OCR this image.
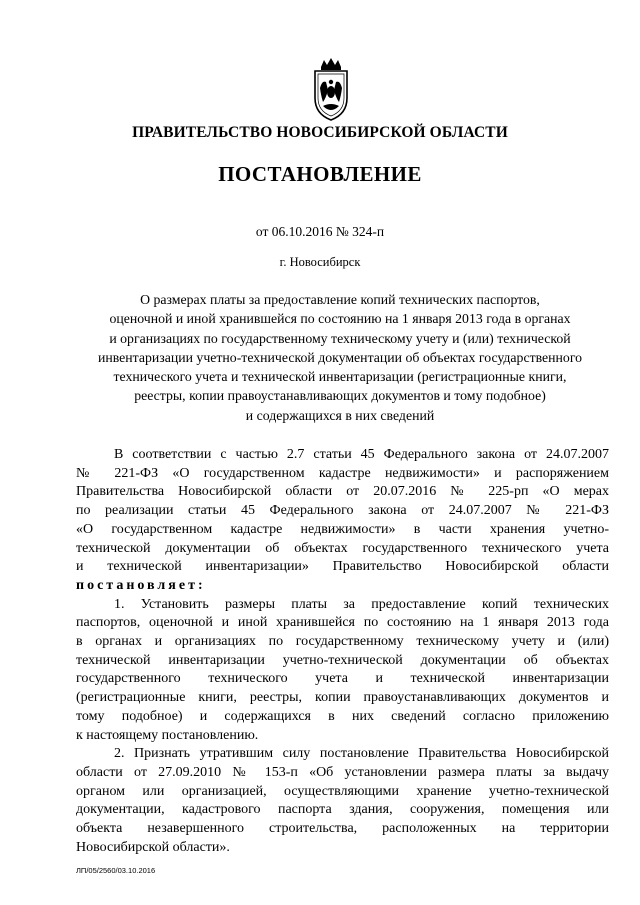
ПРАВИТЕЛЬСТВО НОВОСИБИРСКОЙ ОБЛАСТИ
ПОСТАНОВЛЕНИЕ
от 06.10.2016 № 324-п
г. Новосибирск
О размерах платы за предоставление копий технических паспортов,
оценочной и иной хранившейся по состоянию на 1 января 2013 года в органах
и организациях по государственному техническому учету и (или) технической
инвентаризации учетно-технической документации об объектах государственного
технического учета и технической инвентаризации (регистрационные книги,
реестры, копии правоустанавливающих документов и тому подобное)
и содержащихся в них сведений
В соответствии с частью 2.7 статьи 45 Федерального закона от 24.07.2007
№ 221-ФЗ «О государственном кадастре недвижимости» и распоряжением
Правительства Новосибирской области от 20.07.2016 № 225-рп «О мерах
по реализации статьи 45 Федерального закона от 24.07.2007 № 221-ФЗ
«О государственном кадастре недвижимости» в части хранения учетно-
технической документации об объектах государственного технического учета
и технической инвентаризации» Правительство Новосибирской области
постановляет:
1. Установить размеры платы за предоставление копий технических
паспортов, оценочной и иной хранившейся по состоянию на 1 января 2013 года
в органах и организациях по государственному техническому учету и (или)
технической инвентаризации учетно-технической документации об объектах
государственного технического учета и технической инвентаризации
(регистрационные книги, реестры, копии правоустанавливающих документов и
тому подобное) и содержащихся в них сведений согласно приложению
к настоящему постановлению.
2. Признать утратившим силу постановление Правительства Новосибирской
области от 27.09.2010 № 153-п «Об установлении размера платы за выдачу
органом или организацией, осуществляющими хранение учетно-технической
документации, кадастрового паспорта здания, сооружения, помещения или
объекта незавершенного строительства, расположенных на территории
Новосибирской области».
ЛП/05/2560/03.10.2016
